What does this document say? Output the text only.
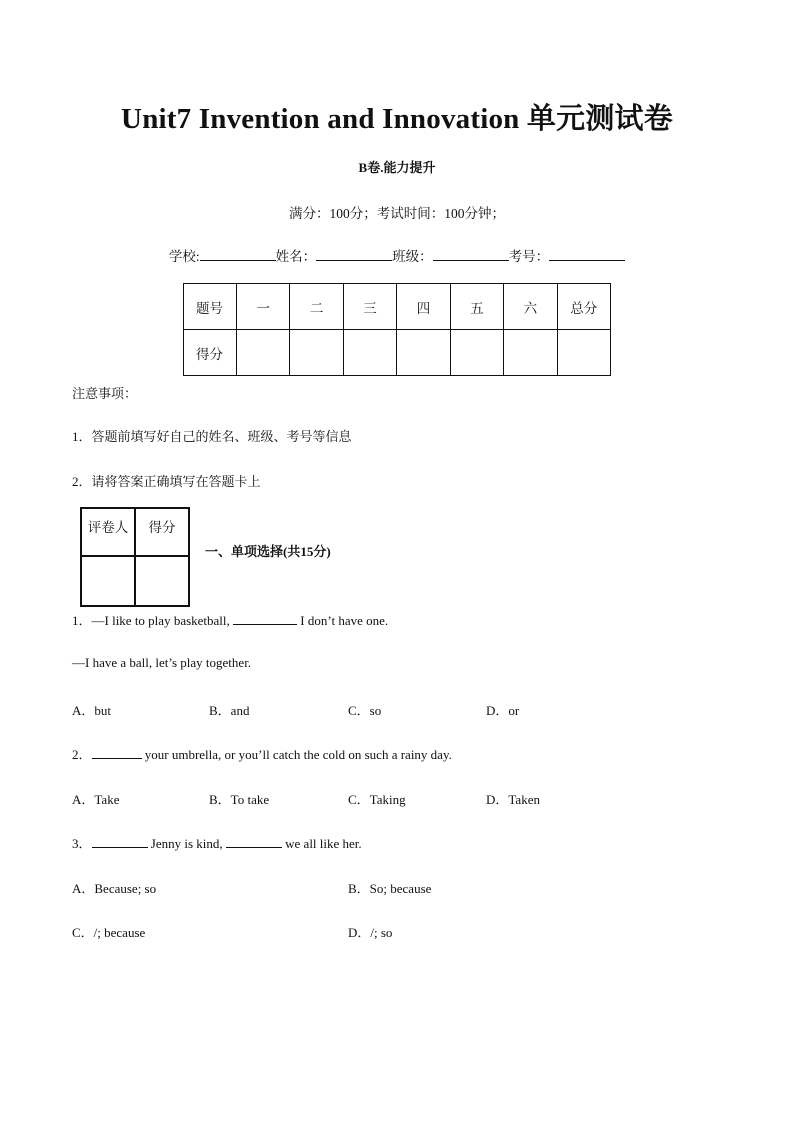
Unit7 Invention and Innovation 单元测试卷
B卷.能力提升
满分：100分；考试时间：100分钟；
学校:	姓名：	班级：	考号：
题号	一	二	三	四	五	六	总分
得分							
注意事项：
1．答题前填写好自己的姓名、班级、考号等信息
2．请将答案正确填写在答题卡上
评卷人	得分

一、单项选择(共15分)
1．—I like to play basketball,	I don’t have one.
—I have a ball, let’s play together.
A．but	B．and	C．so	D．or
2．	your umbrella, or you’ll catch the cold on such a rainy day.
A．Take	B．To take	C．Taking	D．Taken
3．	Jenny is kind,	we all like her.
A．Because; so	B．So; because
C．/; because	D．/; so
